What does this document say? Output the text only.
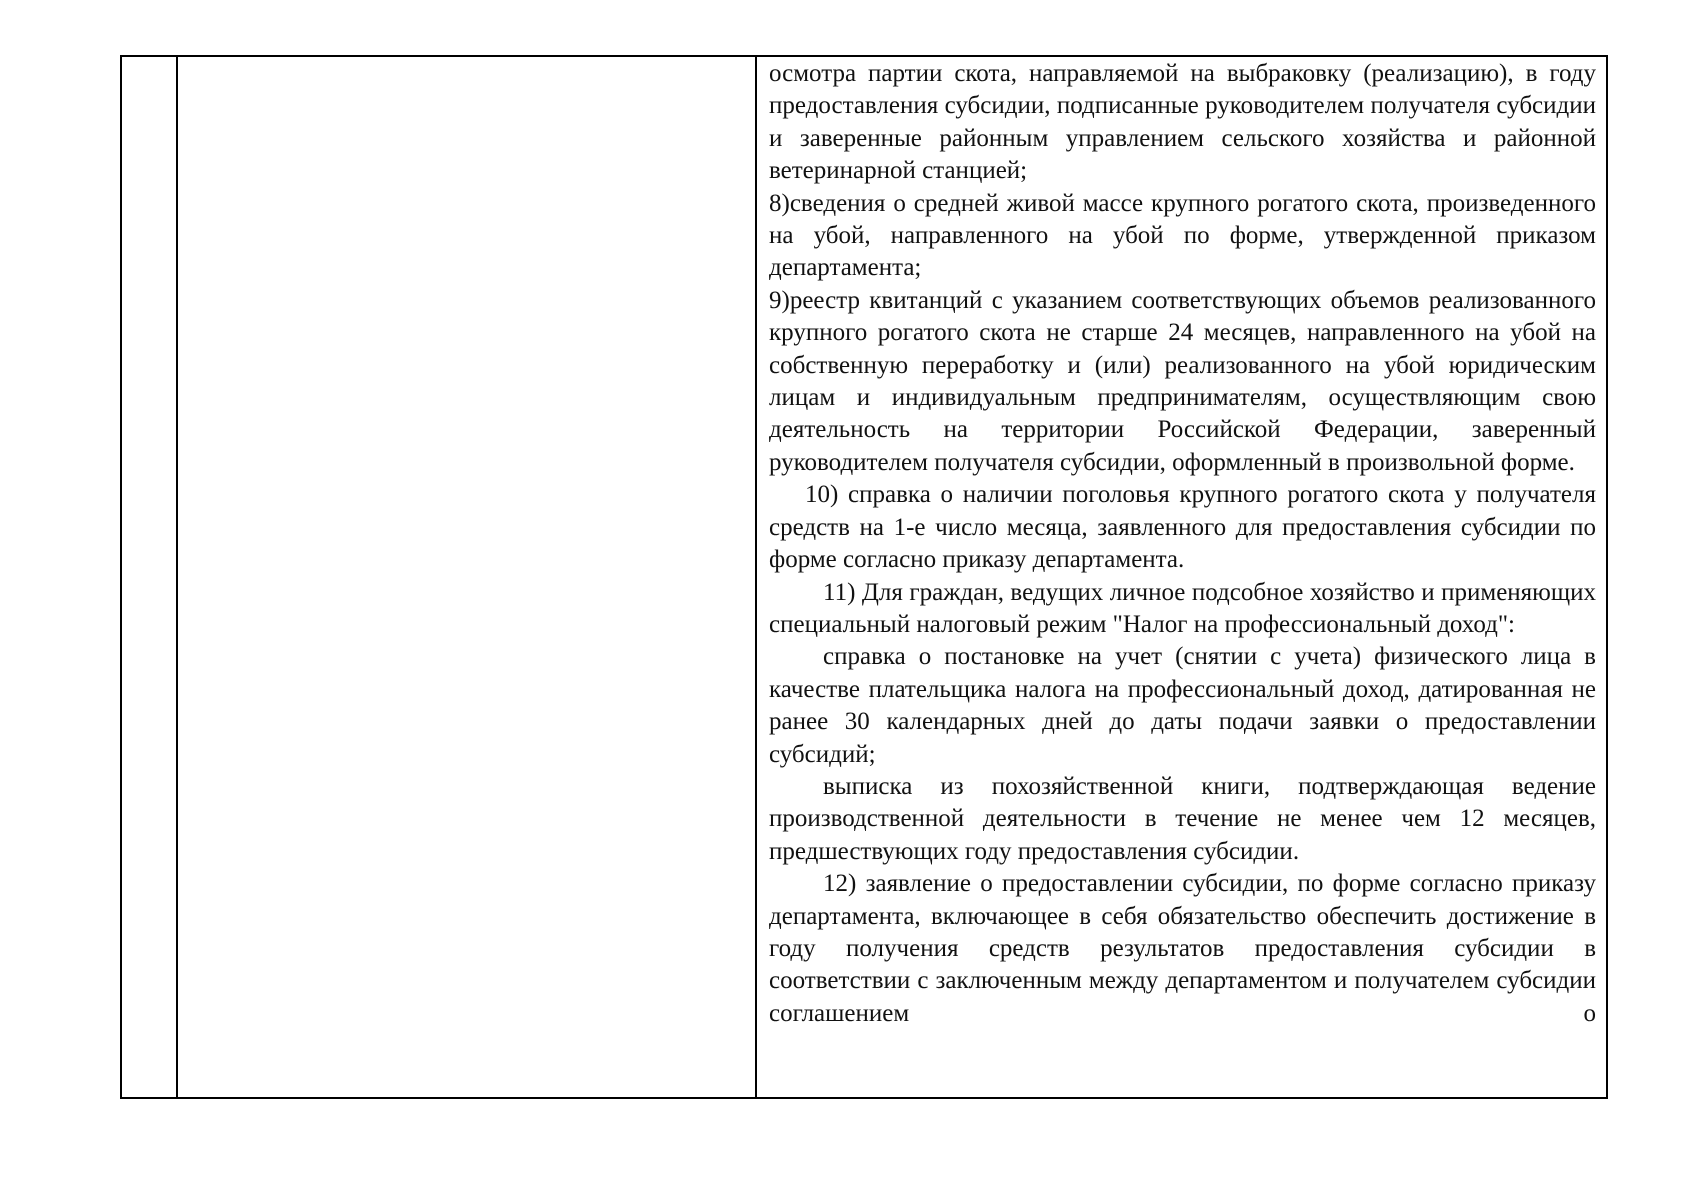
осмотра партии скота, направляемой на выбраковку (реализацию), в году предоставления субсидии, подписанные руководителем получателя субсидии и заверенные районным управлением сельского хозяйства и районной ветеринарной станцией;

8)сведения о средней живой массе крупного рогатого скота, произведенного на убой, направленного на убой по форме, утвержденной приказом департамента;

9)реестр квитанций с указанием соответствующих объемов реализованного крупного рогатого скота не старше 24 месяцев, направленного на убой на собственную переработку и (или) реализованного на убой юридическим лицам и индивидуальным предпринимателям, осуществляющим свою деятельность на территории Российской Федерации, заверенный руководителем получателя субсидии, оформленный в произвольной форме.

10) справка о наличии поголовья крупного рогатого скота у получателя средств на 1-е число месяца, заявленного для предоставления субсидии по форме согласно приказу департамента.

11) Для граждан, ведущих личное подсобное хозяйство и применяющих специальный налоговый режим "Налог на профессиональный доход":

справка о постановке на учет (снятии с учета) физического лица в качестве плательщика налога на профессиональный доход, датированная не ранее 30 календарных дней до даты подачи заявки о предоставлении субсидий;

выписка из похозяйственной книги, подтверждающая ведение производственной деятельности в течение не менее чем 12 месяцев, предшествующих году предоставления субсидии.

12) заявление о предоставлении субсидии, по форме согласно приказу департамента, включающее в себя обязательство обеспечить достижение в году получения средств результатов предоставления субсидии в соответствии с заключенным между департаментом и получателем субсидии соглашением о
